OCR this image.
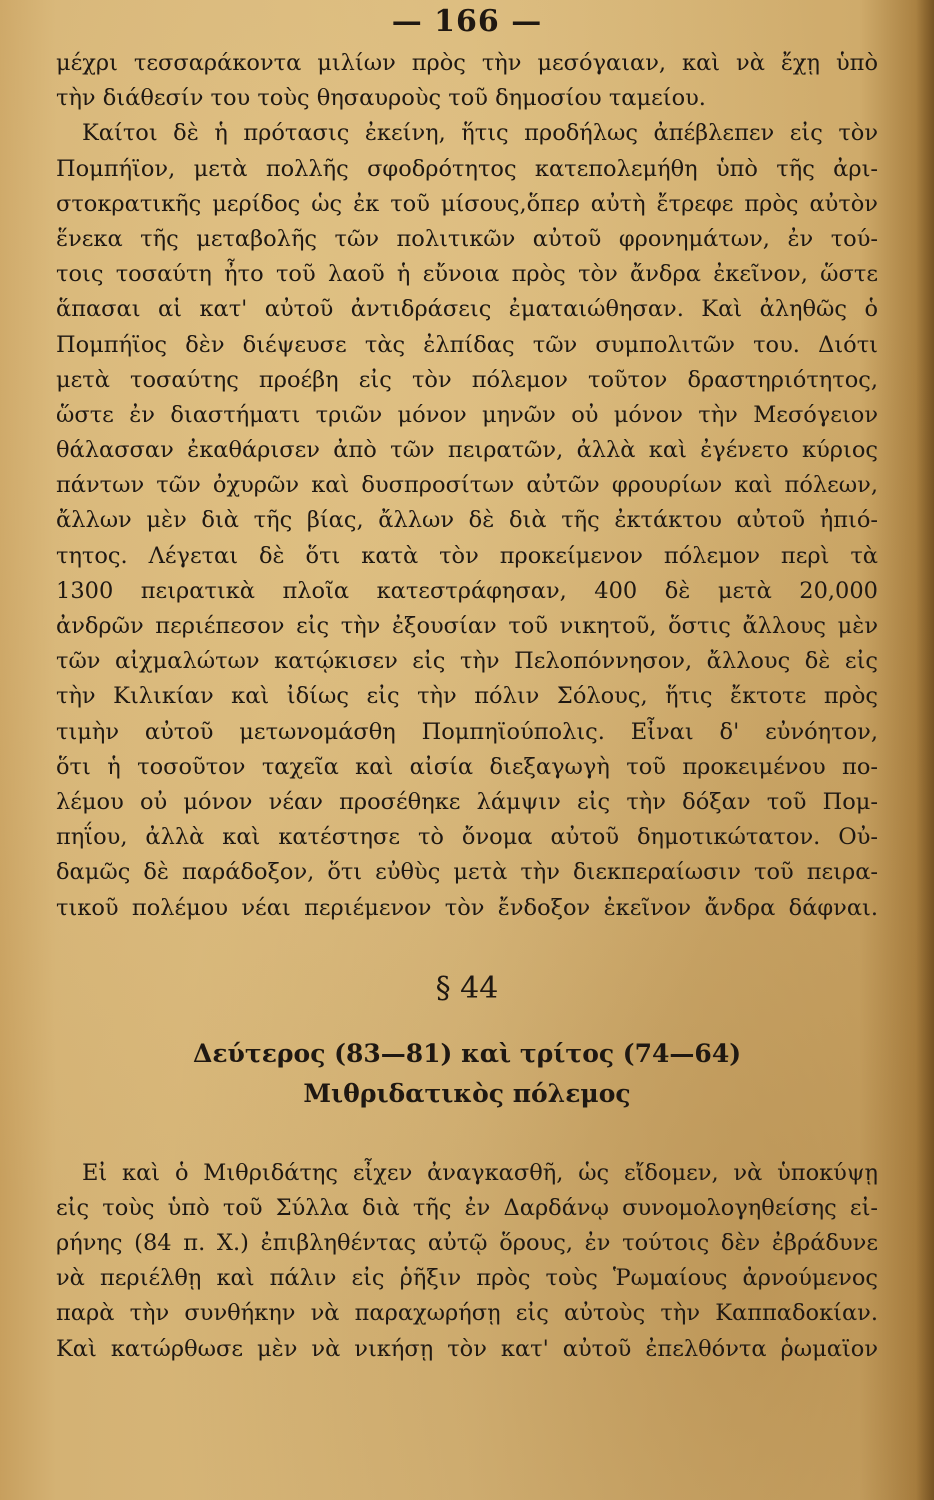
— 166 —
μέχρι τεσσαράκοντα μιλίων πρὸς τὴν μεσόγαιαν, καὶ νὰ ἔχῃ ὑπὸ
τὴν διάθεσίν του τοὺς θησαυροὺς τοῦ δημοσίου ταμείου.
Καίτοι δὲ ἡ πρότασις ἐκείνη, ἥτις προδήλως ἀπέβλεπεν εἰς τὸν
Πομπήϊον, μετὰ πολλῆς σφοδρότητος κατεπολεμήθη ὑπὸ τῆς ἀρι-
στοκρατικῆς μερίδος ὡς ἐκ τοῦ μίσους,ὅπερ αὐτὴ ἔτρεφε πρὸς αὐτὸν
ἕνεκα τῆς μεταβολῆς τῶν πολιτικῶν αὐτοῦ φρονημάτων, ἐν τού-
τοις τοσαύτη ἦτο τοῦ λαοῦ ἡ εὔνοια πρὸς τὸν ἄνδρα ἐκεῖνον, ὥστε
ἅπασαι αἱ κατ' αὐτοῦ ἀντιδράσεις ἐματαιώθησαν. Καὶ ἀληθῶς ὁ
Πομπήϊος δὲν διέψευσε τὰς ἐλπίδας τῶν συμπολιτῶν του. Διότι
μετὰ τοσαύτης προέβη εἰς τὸν πόλεμον τοῦτον δραστηριότητος,
ὥστε ἐν διαστήματι τριῶν μόνον μηνῶν οὐ μόνον τὴν Μεσόγειον
θάλασσαν ἐκαθάρισεν ἀπὸ τῶν πειρατῶν, ἀλλὰ καὶ ἐγένετο κύριος
πάντων τῶν ὀχυρῶν καὶ δυσπροσίτων αὐτῶν φρουρίων καὶ πόλεων,
ἄλλων μὲν διὰ τῆς βίας, ἄλλων δὲ διὰ τῆς ἐκτάκτου αὐτοῦ ἠπιό-
τητος. Λέγεται δὲ ὅτι κατὰ τὸν προκείμενον πόλεμον περὶ τὰ
1300 πειρατικὰ πλοῖα κατεστράφησαν, 400 δὲ μετὰ 20,000
ἀνδρῶν περιέπεσον εἰς τὴν ἐξουσίαν τοῦ νικητοῦ, ὅστις ἄλλους μὲν
τῶν αἰχμαλώτων κατῴκισεν εἰς τὴν Πελοπόννησον, ἄλλους δὲ εἰς
τὴν Κιλικίαν καὶ ἰδίως εἰς τὴν πόλιν Σόλους, ἥτις ἔκτοτε πρὸς
τιμὴν αὐτοῦ μετωνομάσθη Πομπηϊούπολις. Εἶναι δ' εὐνόητον,
ὅτι ἡ τοσοῦτον ταχεῖα καὶ αἰσία διεξαγωγὴ τοῦ προκειμένου πο-
λέμου οὐ μόνον νέαν προσέθηκε λάμψιν εἰς τὴν δόξαν τοῦ Πομ-
πηΐου, ἀλλὰ καὶ κατέστησε τὸ ὄνομα αὐτοῦ δημοτικώτατον. Οὐ-
δαμῶς δὲ παράδοξον, ὅτι εὐθὺς μετὰ τὴν διεκπεραίωσιν τοῦ πειρα-
τικοῦ πολέμου νέαι περιέμενον τὸν ἔνδοξον ἐκεῖνον ἄνδρα δάφναι.
§ 44
Δεύτερος (83—81) καὶ τρίτος (74—64)
Μιθριδατικὸς πόλεμος
Εἰ καὶ ὁ Μιθριδάτης εἶχεν ἀναγκασθῆ, ὡς εἴδομεν, νὰ ὑποκύψῃ
εἰς τοὺς ὑπὸ τοῦ Σύλλα διὰ τῆς ἐν Δαρδάνῳ συνομολογηθείσης εἰ-
ρήνης (84 π. Χ.) ἐπιβληθέντας αὐτῷ ὅρους, ἐν τούτοις δὲν ἐβράδυνε
νὰ περιέλθῃ καὶ πάλιν εἰς ῥῆξιν πρὸς τοὺς Ῥωμαίους ἀρνούμενος
παρὰ τὴν συνθήκην νὰ παραχωρήσῃ εἰς αὐτοὺς τὴν Καππαδοκίαν.
Καὶ κατώρθωσε μὲν νὰ νικήσῃ τὸν κατ' αὐτοῦ ἐπελθόντα ῥωμαϊον
